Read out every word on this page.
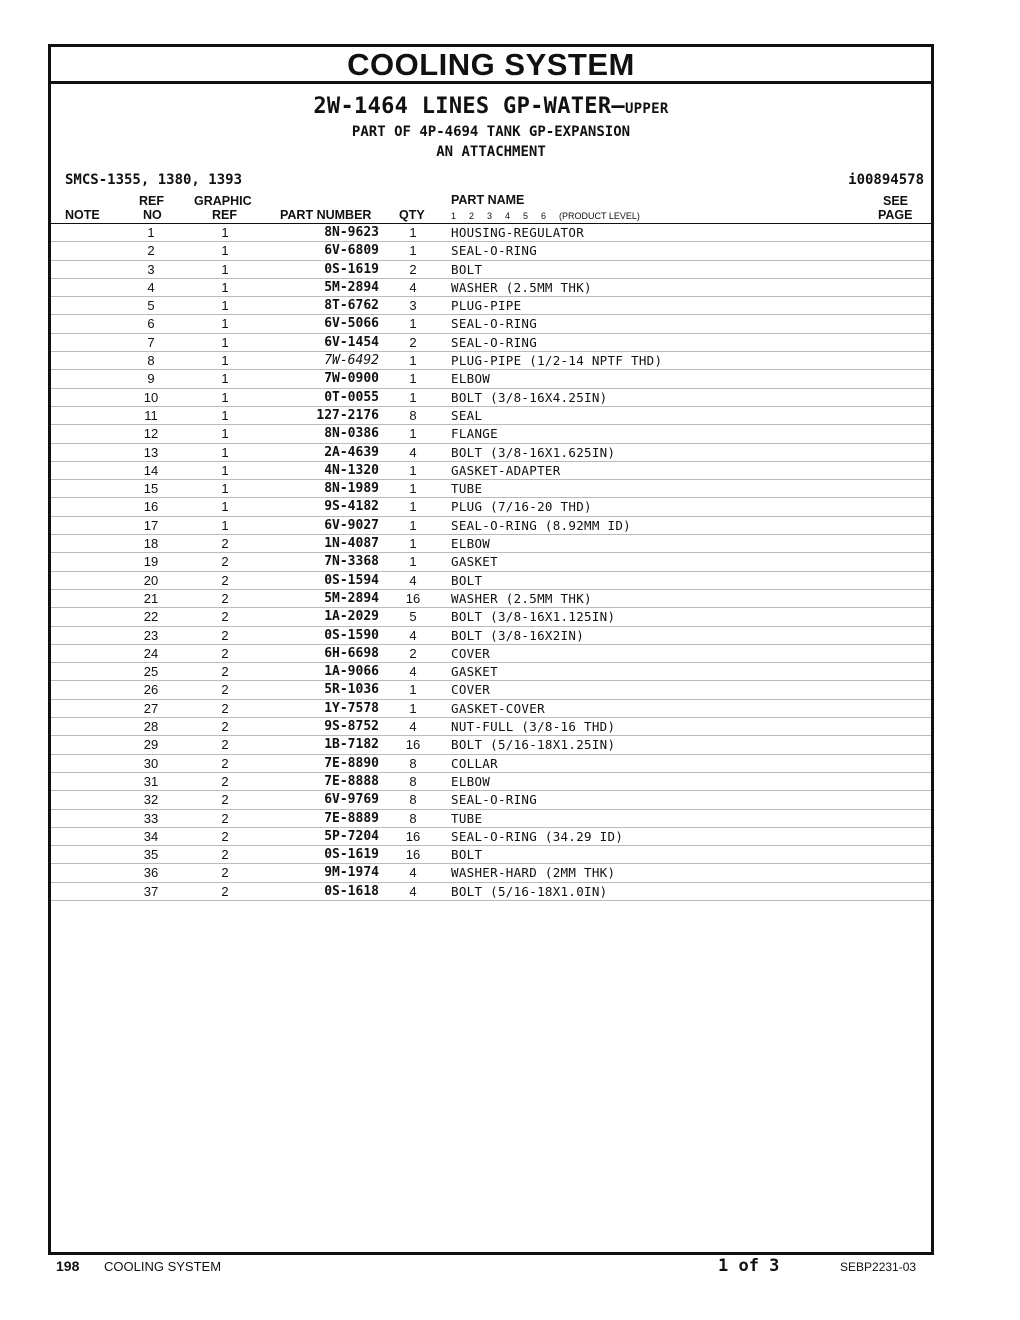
COOLING SYSTEM
2W-1464 LINES GP-WATER—UPPER
PART OF 4P-4694 TANK GP-EXPANSION
AN ATTACHMENT
SMCS-1355, 1380, 1393	i00894578
NOTE
REF
NO
GRAPHIC
REF	PART NUMBER QTY
PART NAME
1 2 3 4 5 6 (PRODUCT LEVEL)
SEE
PAGE
1	1	8N-9623	1	HOUSING-REGULATOR
2	1	6V-6809	1	SEAL-O-RING
3	1	0S-1619	2	BOLT
4	1	5M-2894	4	WASHER (2.5MM THK)
5	1	8T-6762	3	PLUG-PIPE
6	1	6V-5066	1	SEAL-O-RING
7	1	6V-1454	2	SEAL-O-RING
8	1	7W-6492	1	PLUG-PIPE (1/2-14 NPTF THD)
9	1	7W-0900	1	ELBOW
10	1	0T-0055	1	BOLT (3/8-16X4.25IN)
11	1	127-2176	8	SEAL
12	1	8N-0386	1	FLANGE
13	1	2A-4639	4	BOLT (3/8-16X1.625IN)
14	1	4N-1320	1	GASKET-ADAPTER
15	1	8N-1989	1	TUBE
16	1	9S-4182	1	PLUG (7/16-20 THD)
17	1	6V-9027	1	SEAL-O-RING (8.92MM ID)
18	2	1N-4087	1	ELBOW
19	2	7N-3368	1	GASKET
20	2	0S-1594	4	BOLT
21	2	5M-2894	16	WASHER (2.5MM THK)
22	2	1A-2029	5	BOLT (3/8-16X1.125IN)
23	2	0S-1590	4	BOLT (3/8-16X2IN)
24	2	6H-6698	2	COVER
25	2	1A-9066	4	GASKET
26	2	5R-1036	1	COVER
27	2	1Y-7578	1	GASKET-COVER
28	2	9S-8752	4	NUT-FULL (3/8-16 THD)
29	2	1B-7182	16	BOLT (5/16-18X1.25IN)
30	2	7E-8890	8	COLLAR
31	2	7E-8888	8	ELBOW
32	2	6V-9769	8	SEAL-O-RING
33	2	7E-8889	8	TUBE
34	2	5P-7204	16	SEAL-O-RING (34.29 ID)
35	2	0S-1619	16	BOLT
36	2	9M-1974	4	WASHER-HARD (2MM THK)
37	2	0S-1618	4	BOLT (5/16-18X1.0IN)
198 COOLING SYSTEM	1 of 3	SEBP2231-03
